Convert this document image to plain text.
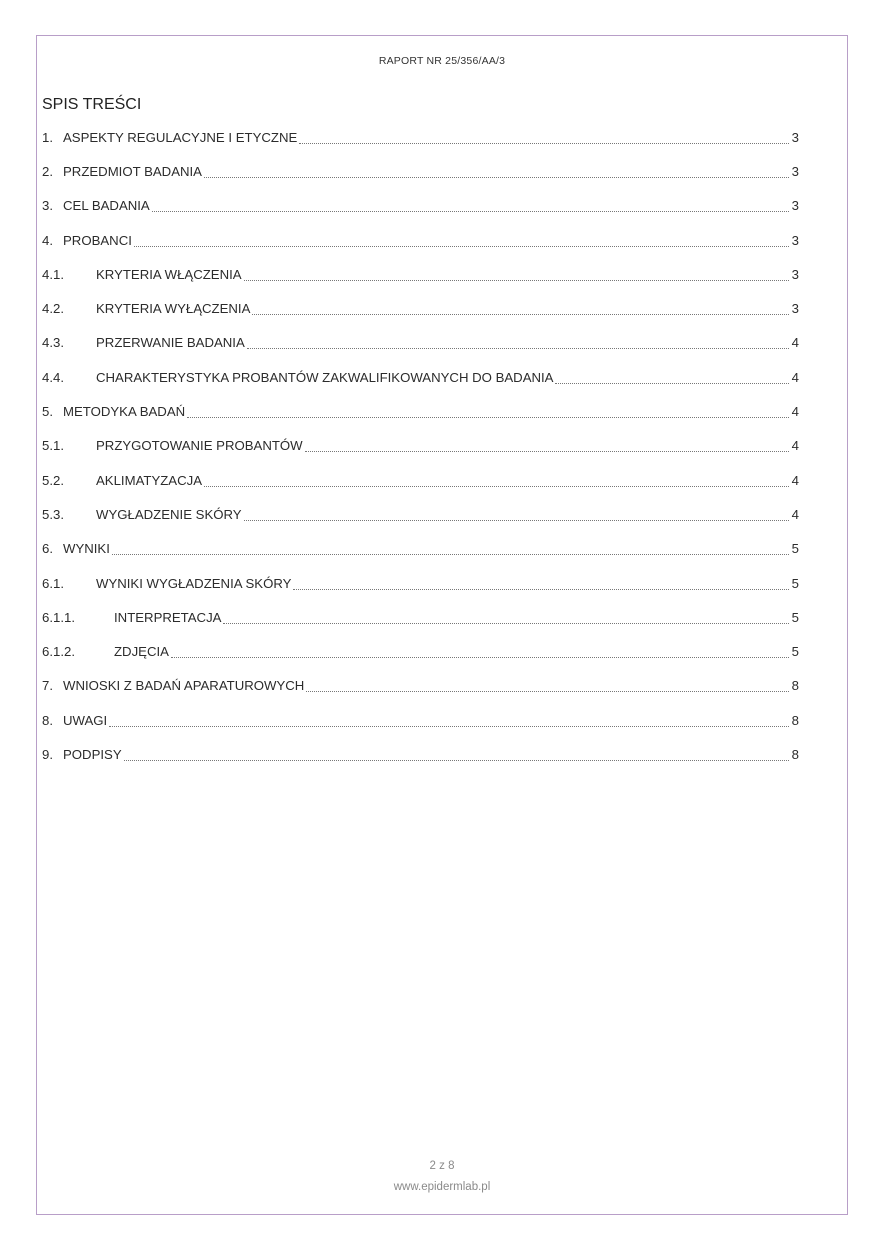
RAPORT NR 25/356/AA/3
SPIS TREŚCI
1. ASPEKTY REGULACYJNE I ETYCZNE	3
2. PRZEDMIOT BADANIA	3
3. CEL BADANIA	3
4. PROBANCI	3
4.1.	KRYTERIA WŁĄCZENIA	3
4.2.	KRYTERIA WYŁĄCZENIA	3
4.3.	PRZERWANIE BADANIA	4
4.4.	CHARAKTERYSTYKA PROBANTÓW ZAKWALIFIKOWANYCH DO BADANIA	4
5. METODYKA BADAŃ	4
5.1.	PRZYGOTOWANIE PROBANTÓW	4
5.2.	AKLIMATYZACJA	4
5.3.	WYGŁADZENIE SKÓRY	4
6. WYNIKI	5
6.1.	WYNIKI WYGŁADZENIA SKÓRY	5
6.1.1.	INTERPRETACJA	5
6.1.2.	ZDJĘCIA	5
7. WNIOSKI Z BADAŃ APARATUROWYCH	8
8. UWAGI	8
9. PODPISY	8
2 z 8
www.epidermlab.pl
